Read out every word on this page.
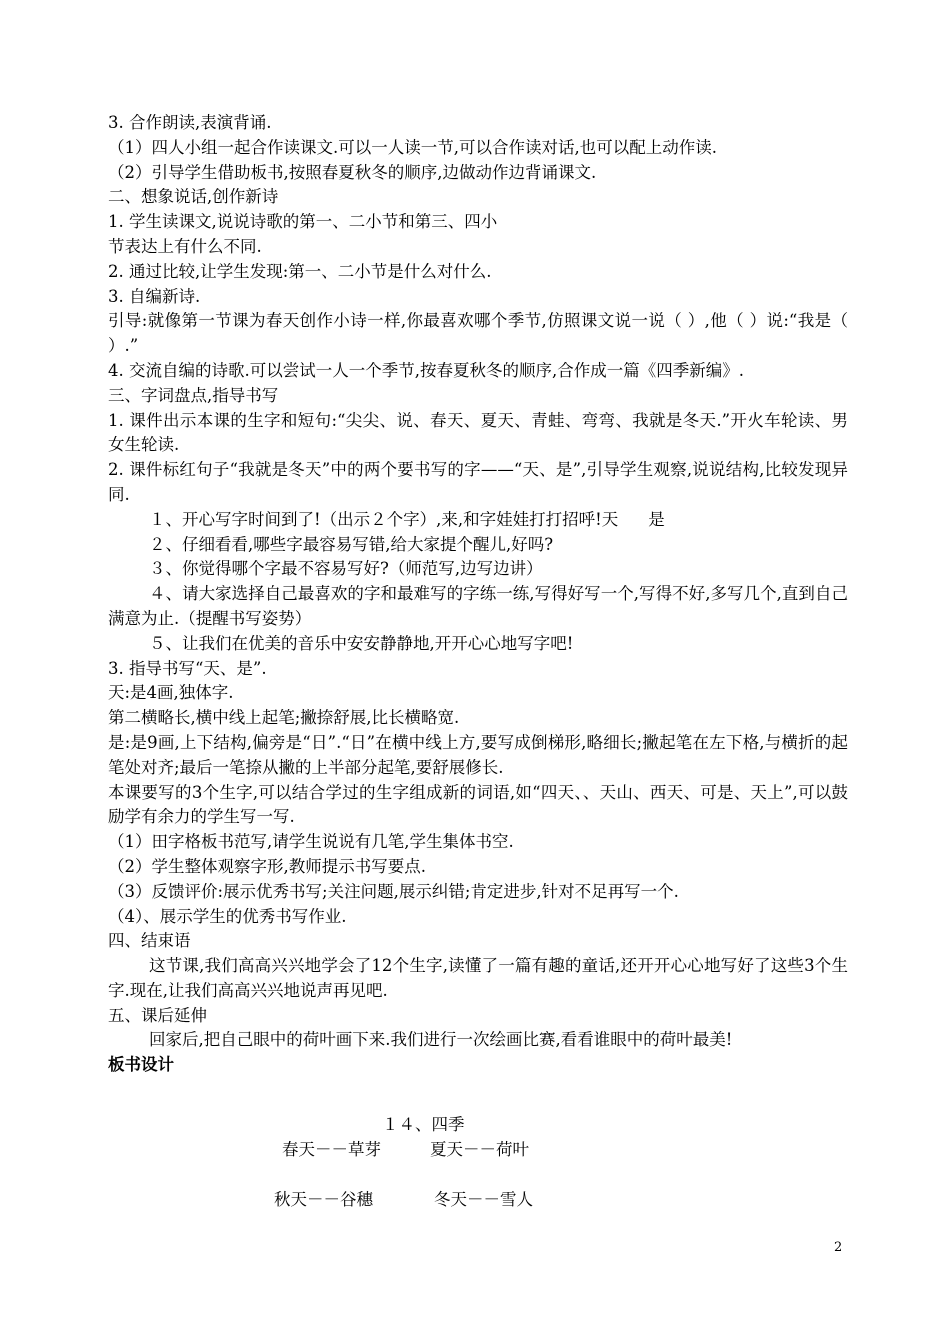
3. 合作朗读,表演背诵.
（1）四人小组一起合作读课文.可以一人读一节,可以合作读对话,也可以配上动作读.
（2）引导学生借助板书,按照春夏秋冬的顺序,边做动作边背诵课文.
二、想象说话,创作新诗
1. 学生读课文,说说诗歌的第一、二小节和第三、四小
节表达上有什么不同.
2. 通过比较,让学生发现:第一、二小节是什么对什么.
3. 自编新诗.
引导:就像第一节课为春天创作小诗一样,你最喜欢哪个季节,仿照课文说一说（ ）,他（ ）说:“我是（ ）.”
4. 交流自编的诗歌.可以尝试一人一个季节,按春夏秋冬的顺序,合作成一篇《四季新编》.
三、字词盘点,指导书写
1. 课件出示本课的生字和短句:“尖尖、说、春天、夏天、青蛙、弯弯、我就是冬天.”开火车轮读、男女生轮读.
2. 课件标红句子“我就是冬天”中的两个要书写的字——“天、是”,引导学生观察,说说结构,比较发现异同.
１、开心写字时间到了!（出示２个字）,来,和字娃娃打打招呼!天 是
２、仔细看看,哪些字最容易写错,给大家提个醒儿,好吗?
３、你觉得哪个字最不容易写好?（师范写,边写边讲）
４、请大家选择自己最喜欢的字和最难写的字练一练,写得好写一个,写得不好,多写几个,直到自己满意为止.（提醒书写姿势）
５、让我们在优美的音乐中安安静静地,开开心心地写字吧!
3. 指导书写“天、是”.
天:是4画,独体字.
第二横略长,横中线上起笔;撇捺舒展,比长横略宽.
是:是9画,上下结构,偏旁是“日”.“日”在横中线上方,要写成倒梯形,略细长;撇起笔在左下格,与横折的起笔处对齐;最后一笔捺从撇的上半部分起笔,要舒展修长.
本课要写的3个生字,可以结合学过的生字组成新的词语,如“四天、、天山、西天、可是、天上”,可以鼓励学有余力的学生写一写.
（1）田字格板书范写,请学生说说有几笔,学生集体书空.
（2）学生整体观察字形,教师提示书写要点.
（3）反馈评价:展示优秀书写;关注问题,展示纠错;肯定进步,针对不足再写一个.
（4）、展示学生的优秀书写作业.
四、结束语
这节课,我们高高兴兴地学会了12个生字,读懂了一篇有趣的童话,还开开心心地写好了这些3个生字.现在,让我们高高兴兴地说声再见吧.
五、课后延伸
回家后,把自己眼中的荷叶画下来.我们进行一次绘画比赛,看看谁眼中的荷叶最美!
板书设计
１４、四季
春天－－草芽	夏天－－荷叶
秋天－－谷穗	冬天－－雪人
2
